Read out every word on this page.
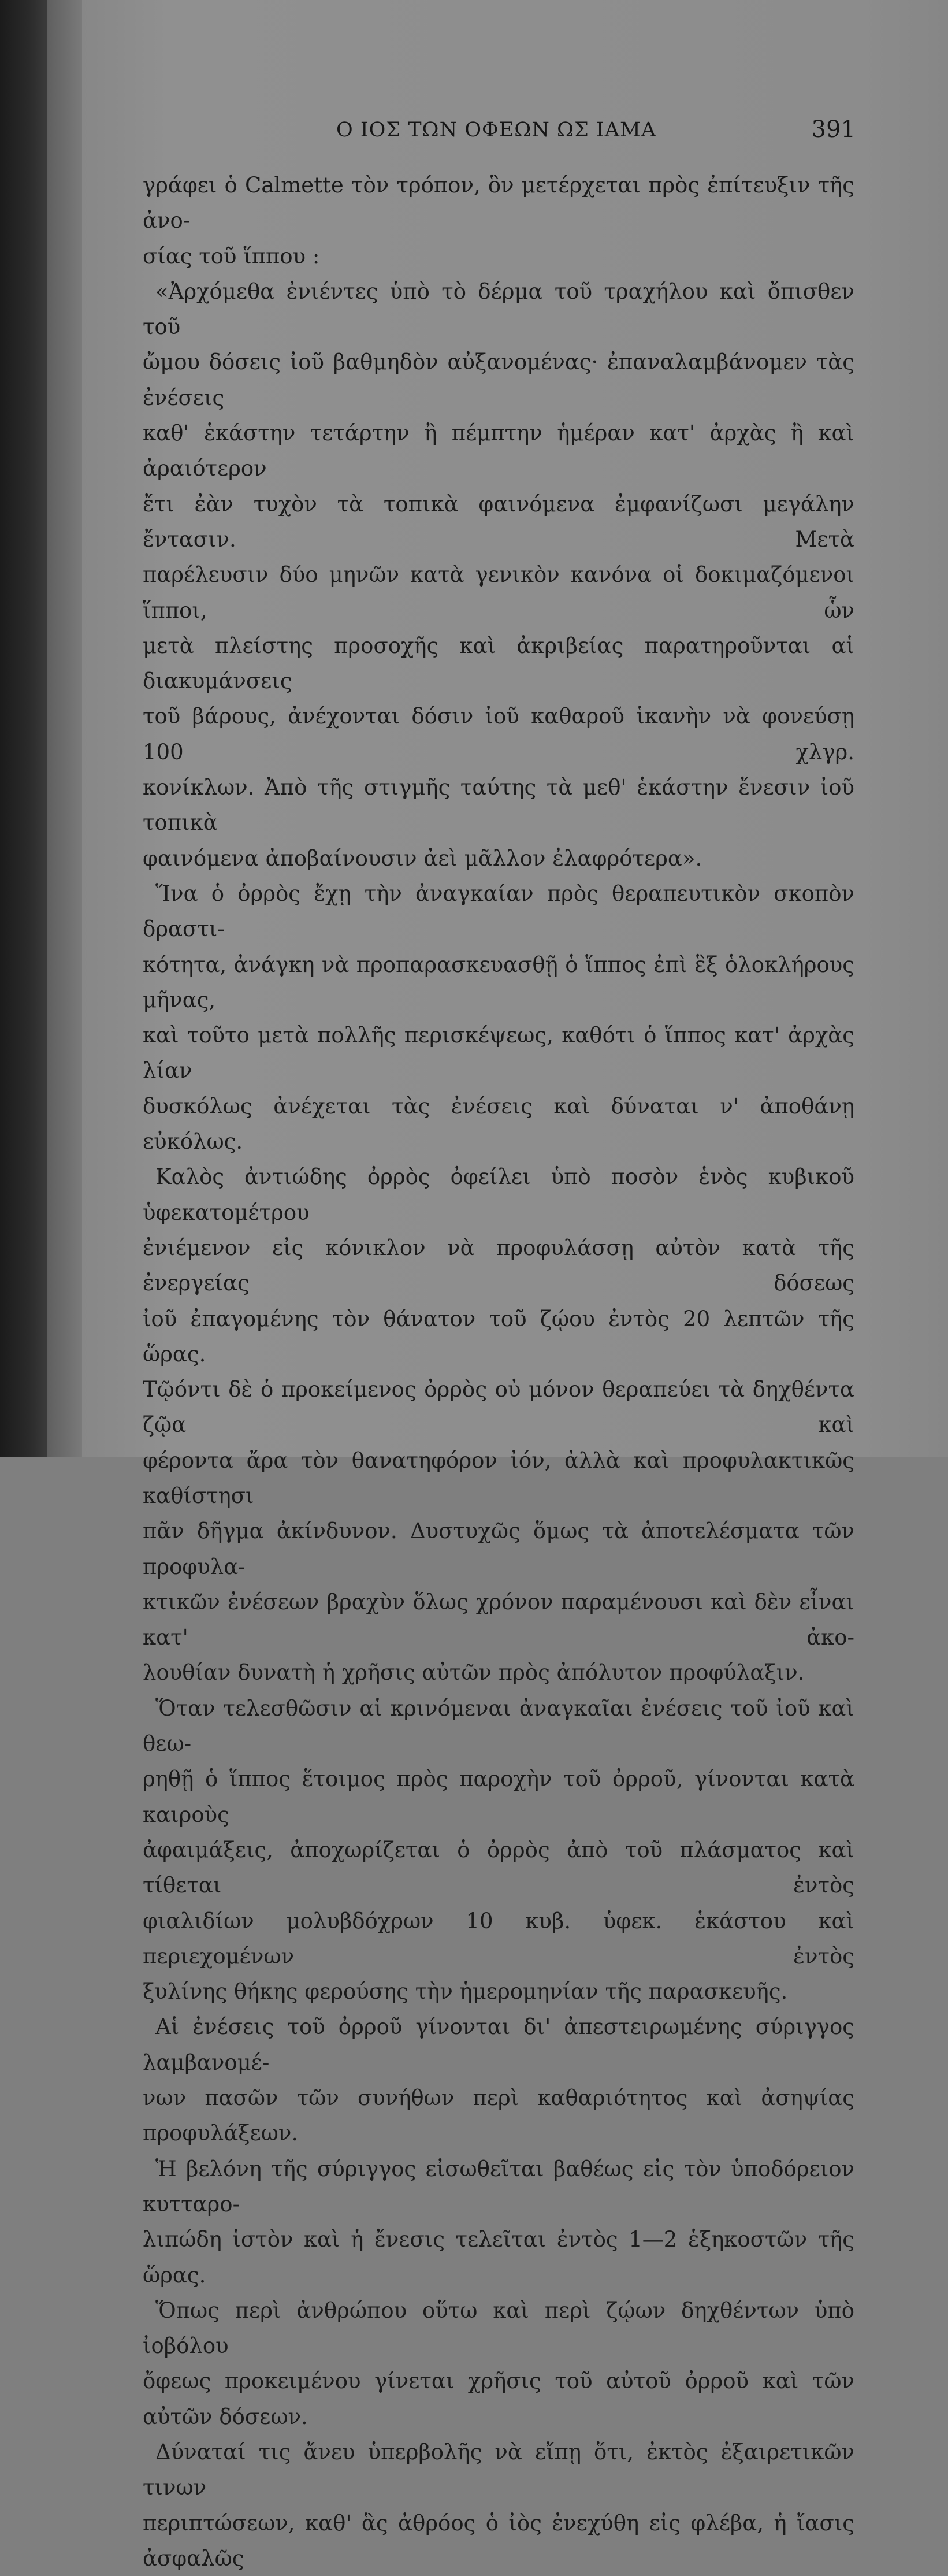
Ο ΙΟΣ ΤΩΝ ΟΦΕΩΝ ΩΣ ΙΑΜΑ	391

γράφει ὁ Calmette τὸν τρόπον, ὃν μετέρχεται πρὸς ἐπίτευξιν τῆς ἀνο-

σίας τοῦ ἵππου :

«Ἀρχόμεθα ἐνιέντες ὑπὸ τὸ δέρμα τοῦ τραχήλου καὶ ὄπισθεν τοῦ

ὤμου δόσεις ἰοῦ βαθμηδὸν αὐξανομένας· ἐπαναλαμβάνομεν τὰς ἐνέσεις

καθ' ἑκάστην τετάρτην ἢ πέμπτην ἡμέραν κατ' ἀρχὰς ἢ καὶ ἀραιότερον

ἔτι ἐὰν τυχὸν τὰ τοπικὰ φαινόμενα ἐμφανίζωσι μεγάλην ἔντασιν. Μετὰ

παρέλευσιν δύο μηνῶν κατὰ γενικὸν κανόνα οἱ δοκιμαζόμενοι ἵπποι, ὧν

μετὰ πλείστης προσοχῆς καὶ ἀκριβείας παρατηροῦνται αἱ διακυμάνσεις

τοῦ βάρους, ἀνέχονται δόσιν ἰοῦ καθαροῦ ἱκανὴν νὰ φονεύσῃ 100 χλγρ.

κονίκλων. Ἀπὸ τῆς στιγμῆς ταύτης τὰ μεθ' ἑκάστην ἔνεσιν ἰοῦ τοπικὰ

φαινόμενα ἀποβαίνουσιν ἀεὶ μᾶλλον ἐλαφρότερα».

Ἵνα ὁ ὀρρὸς ἔχῃ τὴν ἀναγκαίαν πρὸς θεραπευτικὸν σκοπὸν δραστι-

κότητα, ἀνάγκη νὰ προπαρασκευασθῇ ὁ ἵππος ἐπὶ ἓξ ὁλοκλήρους μῆνας,

καὶ τοῦτο μετὰ πολλῆς περισκέψεως, καθότι ὁ ἵππος κατ' ἀρχὰς λίαν

δυσκόλως ἀνέχεται τὰς ἐνέσεις καὶ δύναται ν' ἀποθάνῃ εὐκόλως.

Καλὸς ἀντιώδης ὀρρὸς ὀφείλει ὑπὸ ποσὸν ἑνὸς κυβικοῦ ὑφεκατομέτρου

ἐνιέμενον εἰς κόνικλον νὰ προφυλάσσῃ αὐτὸν κατὰ τῆς ἐνεργείας δόσεως

ἰοῦ ἐπαγομένης τὸν θάνατον τοῦ ζῴου ἐντὸς 20 λεπτῶν τῆς ὥρας.

Τῷόντι δὲ ὁ προκείμενος ὀρρὸς οὐ μόνον θεραπεύει τὰ δηχθέντα ζῷα καὶ

φέροντα ἄρα τὸν θανατηφόρον ἰόν, ἀλλὰ καὶ προφυλακτικῶς καθίστησι

πᾶν δῆγμα ἀκίνδυνον. Δυστυχῶς ὅμως τὰ ἀποτελέσματα τῶν προφυλα-

κτικῶν ἐνέσεων βραχὺν ὅλως χρόνον παραμένουσι καὶ δὲν εἶναι κατ' ἀκο-

λουθίαν δυνατὴ ἡ χρῆσις αὐτῶν πρὸς ἀπόλυτον προφύλαξιν.

Ὅταν τελεσθῶσιν αἱ κρινόμεναι ἀναγκαῖαι ἐνέσεις τοῦ ἰοῦ καὶ θεω-

ρηθῇ ὁ ἵππος ἕτοιμος πρὸς παροχὴν τοῦ ὀρροῦ, γίνονται κατὰ καιροὺς

ἀφαιμάξεις, ἀποχωρίζεται ὁ ὀρρὸς ἀπὸ τοῦ πλάσματος καὶ τίθεται ἐντὸς

φιαλιδίων μολυβδόχρων 10 κυβ. ὑφεκ. ἑκάστου καὶ περιεχομένων ἐντὸς

ξυλίνης θήκης φερούσης τὴν ἡμερομηνίαν τῆς παρασκευῆς.

Αἱ ἐνέσεις τοῦ ὀρροῦ γίνονται δι' ἀπεστειρωμένης σύριγγος λαμβανομέ-

νων πασῶν τῶν συνήθων περὶ καθαριότητος καὶ ἀσηψίας προφυλάξεων.

Ἡ βελόνη τῆς σύριγγος εἰσωθεῖται βαθέως εἰς τὸν ὑποδόρειον κυτταρο-

λιπώδη ἱστὸν καὶ ἡ ἔνεσις τελεῖται ἐντὸς 1—2 ἑξηκοστῶν τῆς ὥρας.

Ὅπως περὶ ἀνθρώπου οὕτω καὶ περὶ ζῴων δηχθέντων ὑπὸ ἰοβόλου

ὄφεως προκειμένου γίνεται χρῆσις τοῦ αὐτοῦ ὀρροῦ καὶ τῶν αὐτῶν δόσεων.

Δύναταί τις ἄνευ ὑπερβολῆς νὰ εἴπῃ ὅτι, ἐκτὸς ἐξαιρετικῶν τινων

περιπτώσεων, καθ' ἃς ἀθρόος ὁ ἰὸς ἐνεχύθη εἰς φλέβα, ἡ ἴασις ἀσφαλῶς
